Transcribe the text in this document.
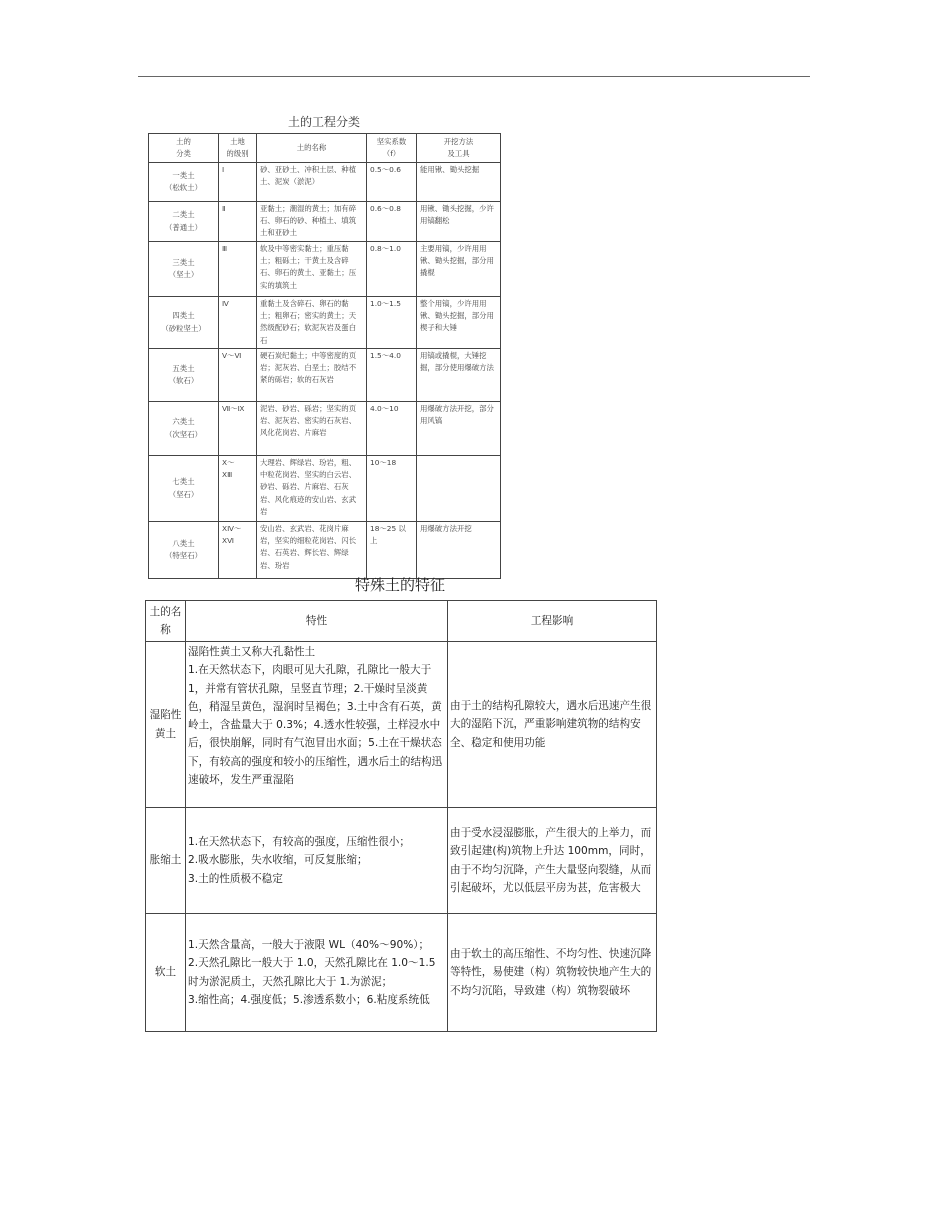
土的工程分类
土的
分类	土地
的级别	土的名称	坚实系数
（f）	开挖方法
及工具
一类土
（松软土）	Ⅰ	砂、亚砂土、冲积土层、种植土、泥炭（淤泥）	0.5～0.6	能用锹、锄头挖掘
二类土
（普通土）	Ⅱ	亚黏土；潮湿的黄土；加有碎石、卵石的砂、种植土、填筑土和亚砂土	0.6～0.8	用锹、锄头挖掘，少许用镐翻松
三类土
（坚土）	Ⅲ	软及中等密实黏土；重压黏土；粗砾土；干黄土及含碎石、卵石的黄土、亚黏土；压实的填筑土	0.8～1.0	主要用镐，少许用用锹、锄头挖掘，部分用撬棍
四类土
（砂粒坚土）	Ⅳ	重黏土及含碎石、卵石的黏土；粗卵石；密实的黄土；天然级配砂石；软泥灰岩及蛋白石	1.0～1.5	整个用镐，少许用用锹、锄头挖掘，部分用楔子和大锤
五类土
（软石）	Ⅴ～Ⅵ	硬石炭纪黏土；中等密度的页岩；泥灰岩、白垩土；胶结不紧的砾岩；软的石灰岩	1.5～4.0	用镐或撬棍，大锤挖掘，部分使用爆破方法
六类土
（次坚石）	Ⅶ～Ⅸ	泥岩、砂岩、砾岩；坚实的页岩、泥灰岩、密实的石灰岩、风化花岗岩、片麻岩	4.0～10	用爆破方法开挖，部分用风镐
七类土
（坚石）	Ⅹ～
ⅩⅢ	大理岩、辉绿岩、玢岩，粗、中粒花岗岩、坚实的白云岩、砂岩、砾岩、片麻岩、石灰岩、风化痕迹的安山岩、玄武岩	10～18	
八类土
（特坚石）	ⅩⅣ～
ⅩⅥ	安山岩、玄武岩、花岗片麻岩，坚实的细粒花岗岩、闪长岩、石英岩、辉长岩、辉绿岩、玢岩	18～25 以上	用爆破方法开挖
特殊土的特征
土的名称	特性	工程影响
湿陷性黄土	湿陷性黄土又称大孔黏性土
1.在天然状态下，肉眼可见大孔隙，孔隙比一般大于 1，并常有管状孔隙，呈竖直节理；2.干燥时呈淡黄色，稍湿呈黄色，湿润时呈褐色；3.土中含有石英，黄岭土，含盐量大于 0.3%；4.透水性较强，土样浸水中后，很快崩解，同时有气泡冒出水面；5.土在干燥状态下，有较高的强度和较小的压缩性，遇水后土的结构迅速破坏，发生严重湿陷	由于土的结构孔隙较大，遇水后迅速产生很大的湿陷下沉，严重影响建筑物的结构安全、稳定和使用功能
胀缩土	1.在天然状态下，有较高的强度，压缩性很小；
2.吸水膨胀，失水收缩，可反复胀缩；
3.土的性质极不稳定	由于受水浸湿膨胀，产生很大的上举力，而致引起建(构)筑物上升达 100mm，同时，由于不均匀沉降，产生大量竖向裂缝，从而引起破坏，尤以低层平房为甚，危害极大
软土	1.天然含量高，一般大于液限 WL（40%～90%）；
2.天然孔隙比一般大于 1.0，天然孔隙比在 1.0～1.5 时为淤泥质土，天然孔隙比大于 1.为淤泥；
3.缩性高；4.强度低；5.渗透系数小；6.粘度系统低	由于软土的高压缩性、不均匀性、快速沉降等特性，易使建（构）筑物较快地产生大的不均匀沉陷，导致建（构）筑物裂破坏
